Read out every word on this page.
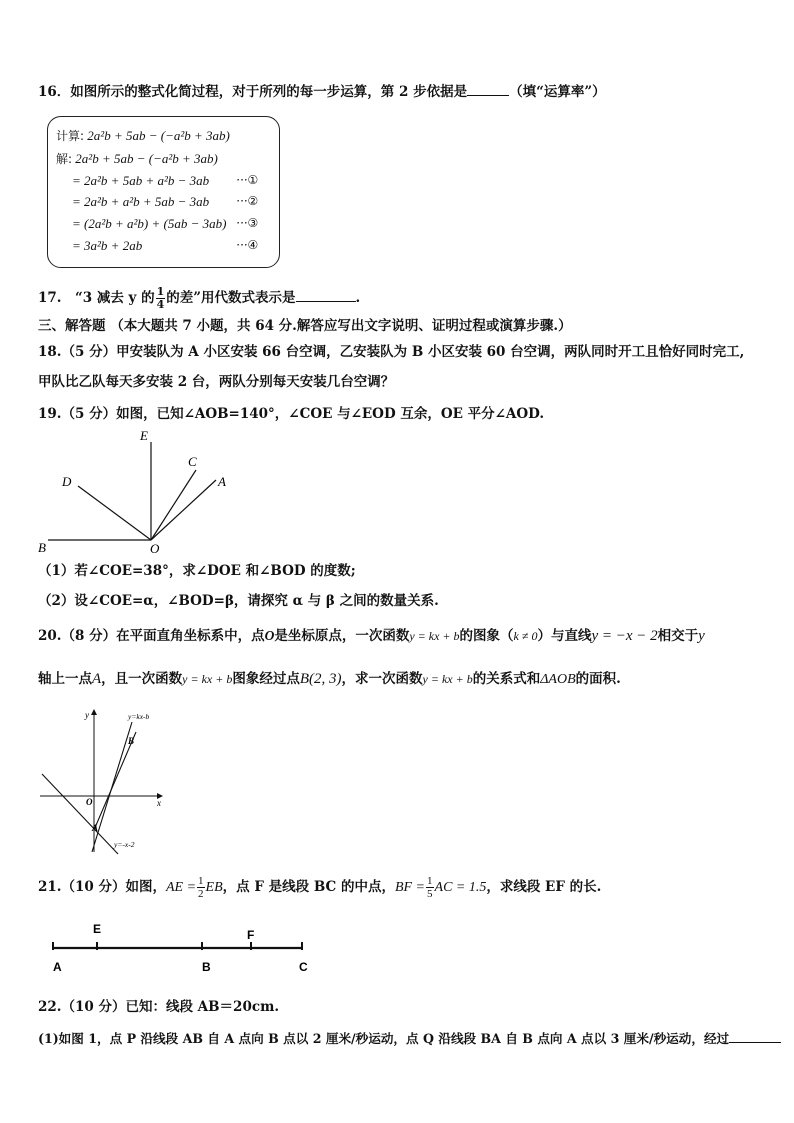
16．如图所示的整式化简过程，对于所列的每一步运算，第 2 步依据是	（填“运算率”）
计算: 2a²b + 5ab − (−a²b + 3ab)
解: 2a²b + 5ab − (−a²b + 3ab)
= 2a²b + 5ab + a²b − 3ab ···①
= 2a²b + a²b + 5ab − 3ab ···②
= (2a²b + a²b) + (5ab − 3ab) ···③
= 3a²b + 2ab	···④
17.　“3 减去 y 的 $\frac{1}{4}$ 的差”用代数式表示是	.
三、解答题 （本大题共 7 小题，共 64 分.解答应写出文字说明、证明过程或演算步骤.）
18.（5 分）甲安装队为 A 小区安装 66 台空调，乙安装队为 B 小区安装 60 台空调，两队同时开工且恰好同时完工,
甲队比乙队每天多安装 2 台，两队分别每天安装几台空调？
19.（5 分）如图，已知∠AOB=140°，∠COE 与∠EOD 互余，OE 平分∠AOD.
E
C
D	A
B	O
（1）若∠COE=38°，求∠DOE 和∠BOD 的度数;
（2）设∠COE=α，∠BOD=β，请探究 α 与 β 之间的数量关系.
20.（8 分）在平面直角坐标系中，点O是坐标原点，一次函数y = kx + b的图象（k ≠ 0）与直线y = −x − 2相交于y
轴上一点A，且一次函数y = kx + b图象经过点B(2, 3)，求一次函数y = kx + b的关系式和ΔAOB的面积.
y
x
O
A
B
y=kx-b
y=-x-2
21.（10 分）如图，AE = $\frac{1}{2}$ EB，点 F 是线段 BC 的中点，BF = $\frac{1}{5}$ AC = 1.5，求线段 EF 的长.
E	F
A	B	C
22.（10 分）已知：线段 AB＝20cm.
(1)如图 1，点 P 沿线段 AB 自 A 点向 B 点以 2 厘米/秒运动，点 Q 沿线段 BA 自 B 点向 A 点以 3 厘米/秒运动，经过
